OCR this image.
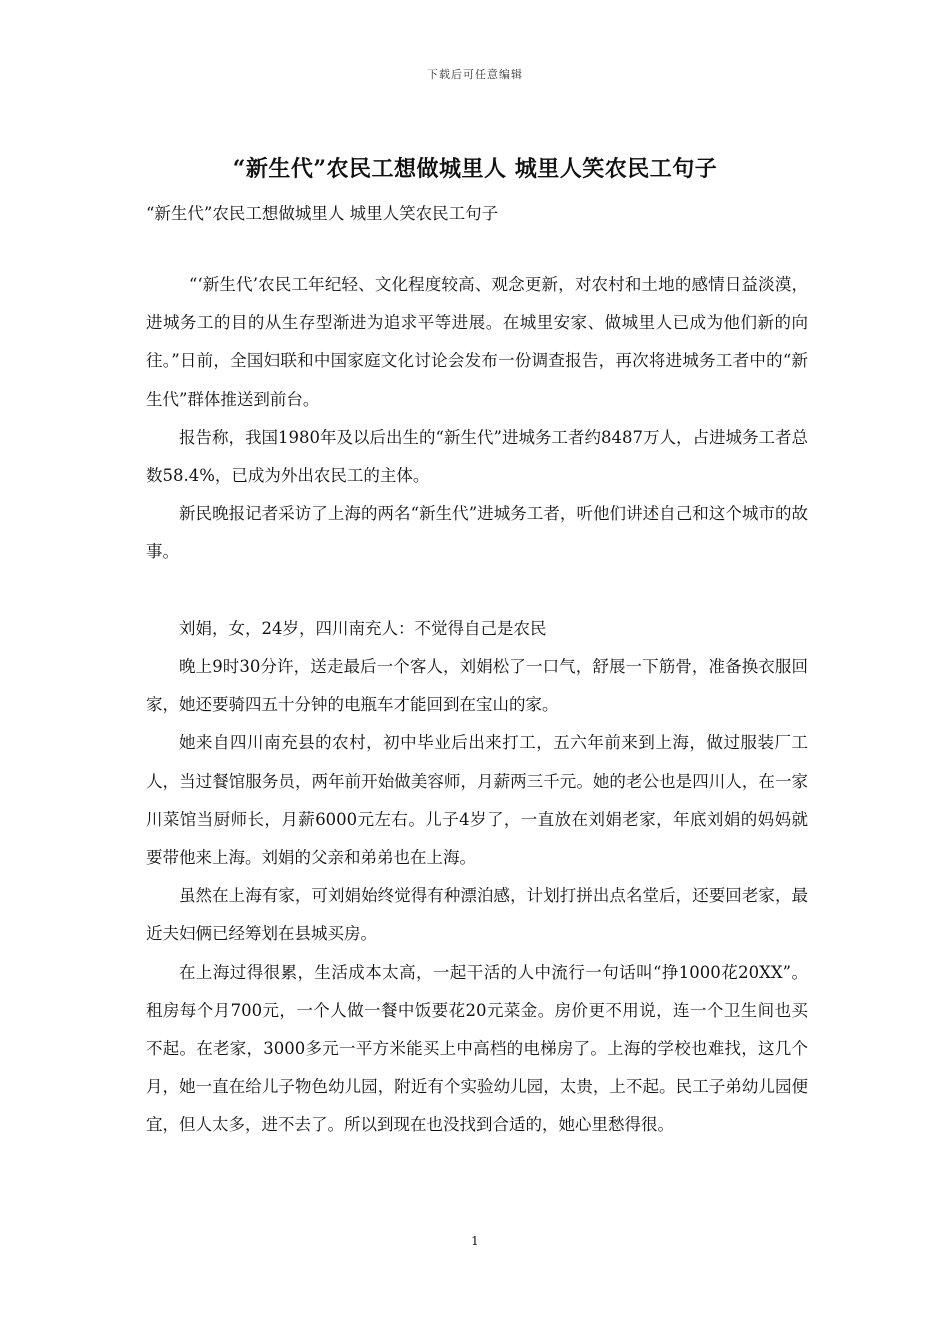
下载后可任意编辑
“新生代”农民工想做城里人 城里人笑农民工句子

“新生代”农民工想做城里人 城里人笑农民工句子

“‘新生代’农民工年纪轻、文化程度较高、观念更新，对农村和土地的感情日益淡漠，进城务工的目的从生存型渐进为追求平等进展。在城里安家、做城里人已成为他们新的向往。”日前，全国妇联和中国家庭文化讨论会发布一份调查报告，再次将进城务工者中的“新生代”群体推送到前台。

报告称，我国1980年及以后出生的“新生代”进城务工者约8487万人，占进城务工者总数58.4%，已成为外出农民工的主体。

新民晚报记者采访了上海的两名“新生代”进城务工者，听他们讲述自己和这个城市的故事。

刘娟，女，24岁，四川南充人：不觉得自己是农民

晚上9时30分许，送走最后一个客人，刘娟松了一口气，舒展一下筋骨，准备换衣服回家，她还要骑四五十分钟的电瓶车才能回到在宝山的家。

她来自四川南充县的农村，初中毕业后出来打工，五六年前来到上海，做过服装厂工人，当过餐馆服务员，两年前开始做美容师，月薪两三千元。她的老公也是四川人，在一家川菜馆当厨师长，月薪6000元左右。儿子4岁了，一直放在刘娟老家，年底刘娟的妈妈就要带他来上海。刘娟的父亲和弟弟也在上海。

虽然在上海有家，可刘娟始终觉得有种漂泊感，计划打拼出点名堂后，还要回老家，最近夫妇俩已经筹划在县城买房。

在上海过得很累，生活成本太高，一起干活的人中流行一句话叫“挣1000花20XX”。租房每个月700元，一个人做一餐中饭要花20元菜金。房价更不用说，连一个卫生间也买不起。在老家，3000多元一平方米能买上中高档的电梯房了。上海的学校也难找，这几个月，她一直在给儿子物色幼儿园，附近有个实验幼儿园，太贵，上不起。民工子弟幼儿园便宜，但人太多，进不去了。所以到现在也没找到合适的，她心里愁得很。

1
